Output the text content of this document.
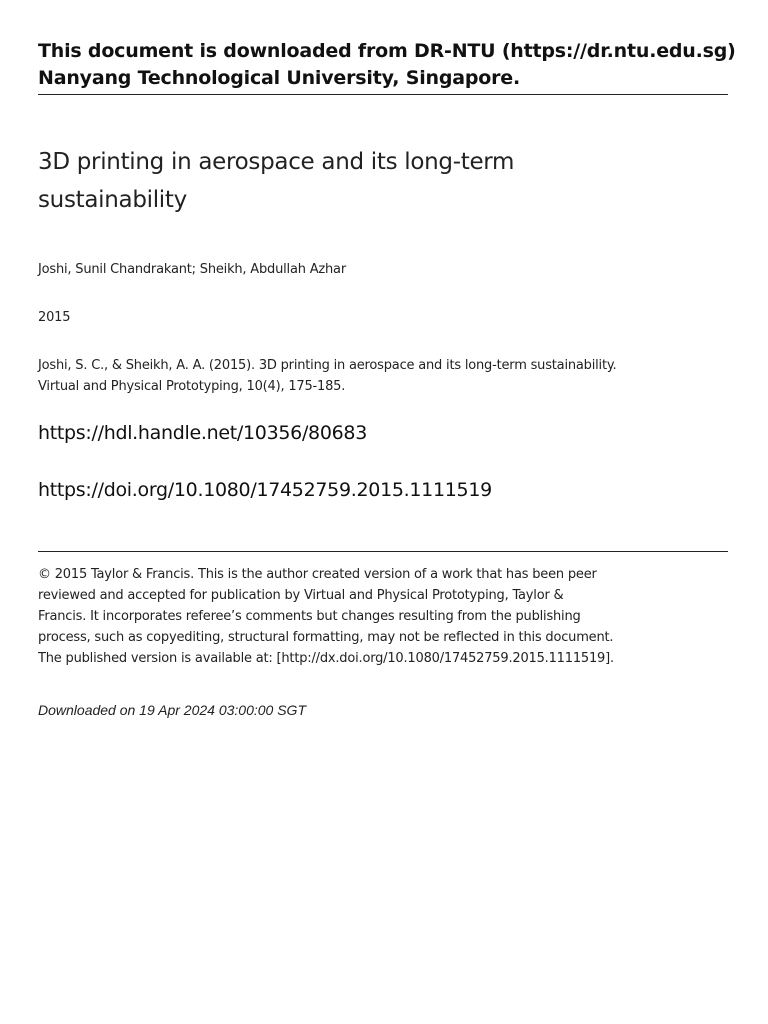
This document is downloaded from DR-NTU (https://dr.ntu.edu.sg)
Nanyang Technological University, Singapore.
3D printing in aerospace and its long-term
sustainability
Joshi, Sunil Chandrakant; Sheikh, Abdullah Azhar
2015
Joshi, S. C., & Sheikh, A. A. (2015). 3D printing in aerospace and its long-term sustainability.
Virtual and Physical Prototyping, 10(4), 175-185.
https://hdl.handle.net/10356/80683
https://doi.org/10.1080/17452759.2015.1111519
© 2015 Taylor & Francis. This is the author created version of a work that has been peer
reviewed and accepted for publication by Virtual and Physical Prototyping, Taylor &
Francis. It incorporates referee’s comments but changes resulting from the publishing
process, such as copyediting, structural formatting, may not be reflected in this document.
The published version is available at: [http://dx.doi.org/10.1080/17452759.2015.1111519].
Downloaded on 19 Apr 2024 03:00:00 SGT
